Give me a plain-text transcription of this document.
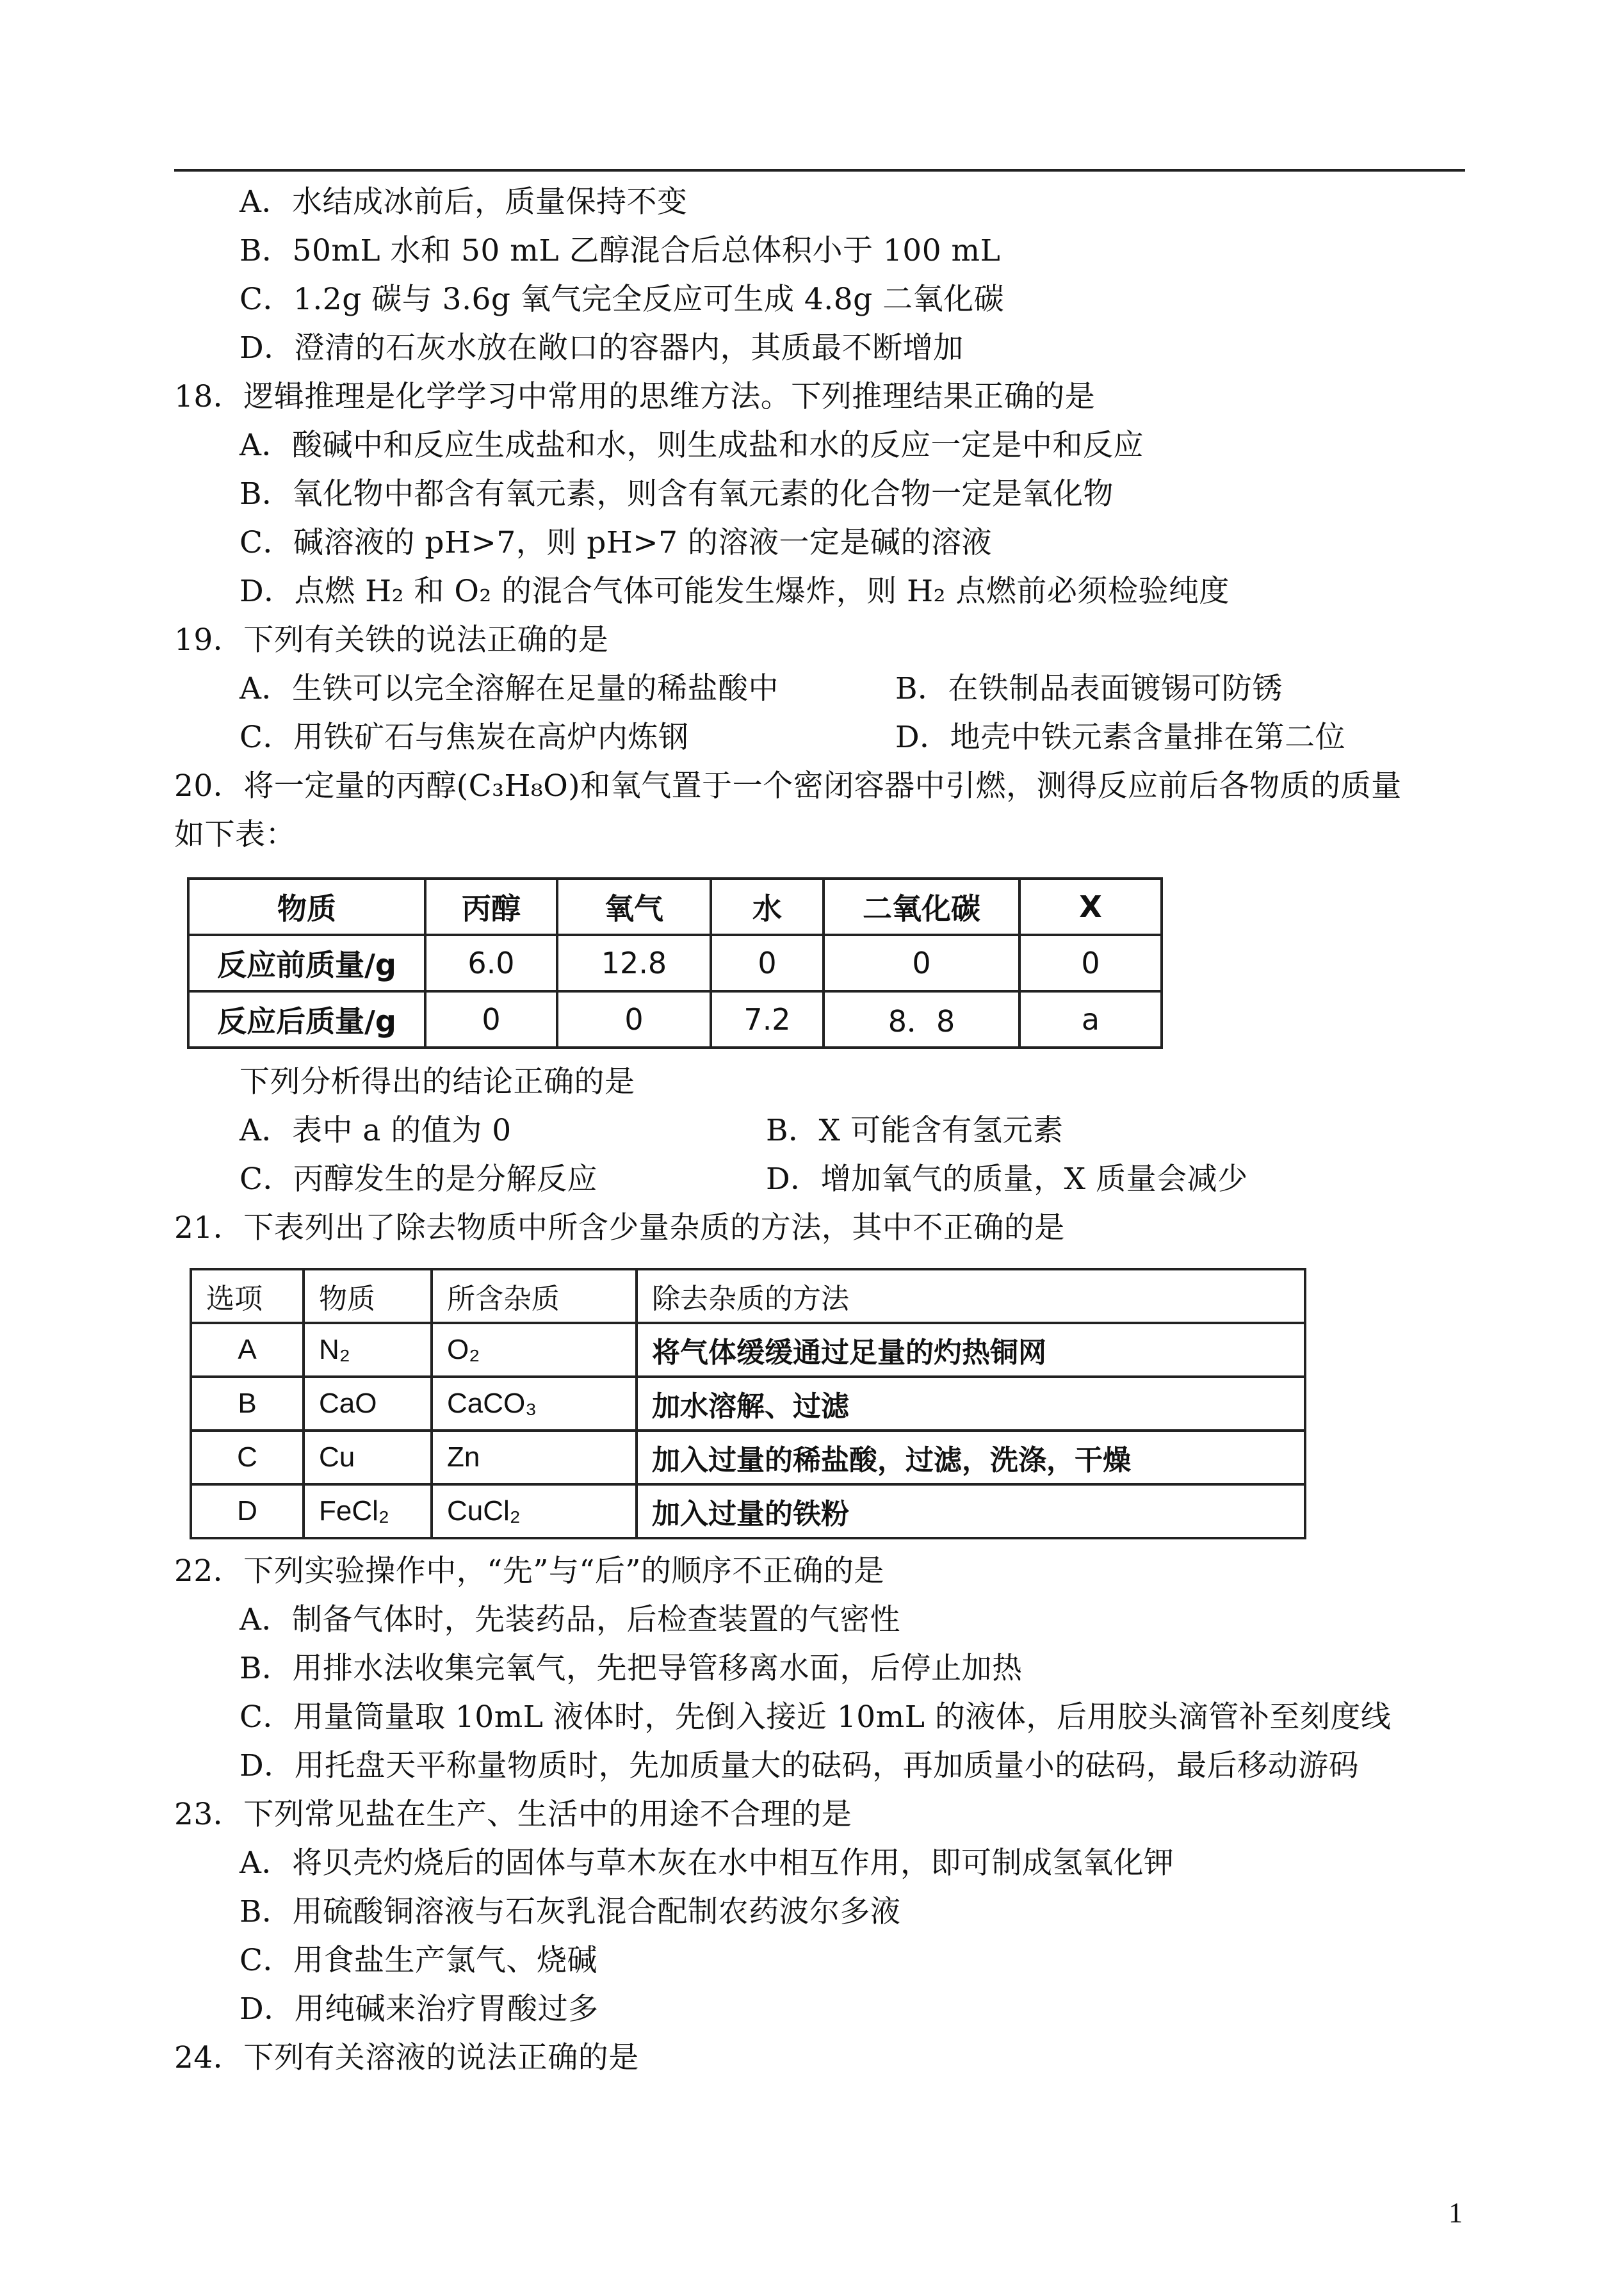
A．水结成冰前后，质量保持不变
B．50mL 水和 50 mL 乙醇混合后总体积小于 100 mL
C．1.2g 碳与 3.6g 氧气完全反应可生成 4.8g 二氧化碳
D．澄清的石灰水放在敞口的容器内，其质最不断增加
18．逻辑推理是化学学习中常用的思维方法。下列推理结果正确的是
A．酸碱中和反应生成盐和水，则生成盐和水的反应一定是中和反应
B．氧化物中都含有氧元素，则含有氧元素的化合物一定是氧化物
C．碱溶液的 pH>7，则 pH>7 的溶液一定是碱的溶液
D．点燃 H₂ 和 O₂ 的混合气体可能发生爆炸，则 H₂ 点燃前必须检验纯度
19．下列有关铁的说法正确的是
A．生铁可以完全溶解在足量的稀盐酸中	B．在铁制品表面镀锡可防锈
C．用铁矿石与焦炭在高炉内炼钢	D．地壳中铁元素含量排在第二位
20．将一定量的丙醇(C₃H₈O)和氧气置于一个密闭容器中引燃，测得反应前后各物质的质量
如下表：
物质	丙醇	氧气	水	二氧化碳	X
反应前质量/g	6.0	12.8	0	0	0
反应后质量/g	0	0	7.2	8．8	a
下列分析得出的结论正确的是
A．表中 a 的值为 0	B．X 可能含有氢元素
C．丙醇发生的是分解反应	D．增加氧气的质量，X 质量会减少
21．下表列出了除去物质中所含少量杂质的方法，其中不正确的是
选项	物质	所含杂质	除去杂质的方法
A	N₂	O₂	将气体缓缓通过足量的灼热铜网
B	CaO	CaCO₃	加水溶解、过滤
C	Cu	Zn	加入过量的稀盐酸，过滤，洗涤，干燥
D	FeCl₂	CuCl₂	加入过量的铁粉
22．下列实验操作中，“先”与“后”的顺序不正确的是
A．制备气体时，先装药品，后检查装置的气密性
B．用排水法收集完氧气，先把导管移离水面，后停止加热
C．用量筒量取 10mL 液体时，先倒入接近 10mL 的液体，后用胶头滴管补至刻度线
D．用托盘天平称量物质时，先加质量大的砝码，再加质量小的砝码，最后移动游码
23．下列常见盐在生产、生活中的用途不合理的是
A．将贝壳灼烧后的固体与草木灰在水中相互作用，即可制成氢氧化钾
B．用硫酸铜溶液与石灰乳混合配制农药波尔多液
C．用食盐生产氯气、烧碱
D．用纯碱来治疗胃酸过多
24．下列有关溶液的说法正确的是
1
